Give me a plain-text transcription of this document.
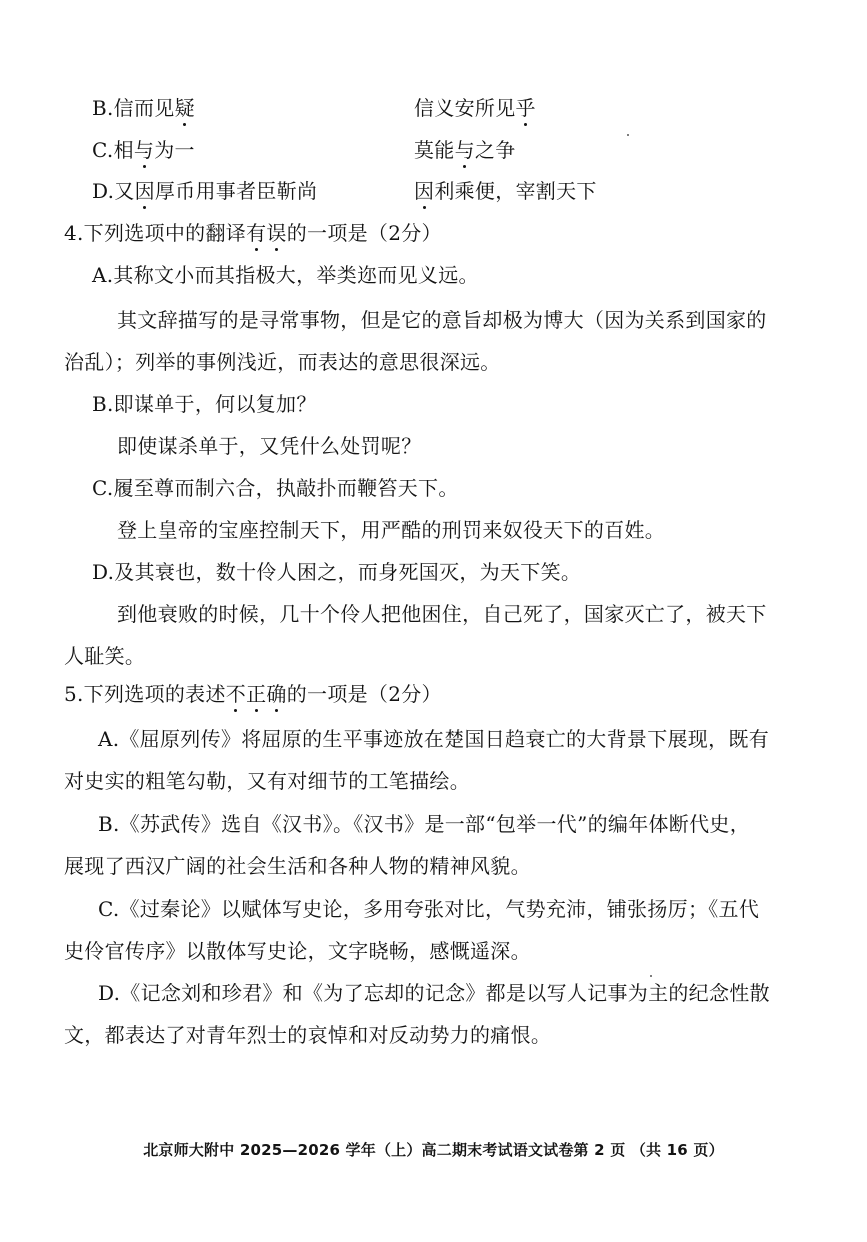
B.信而见疑	信义安所见乎
C.相与为一	莫能与之争
D.又因厚币用事者臣靳尚	因利乘便，宰割天下
4.下列选项中的翻译有误的一项是（2分）
A.其称文小而其指极大，举类迩而见义远。
其文辞描写的是寻常事物，但是它的意旨却极为博大（因为关系到国家的
治乱）；列举的事例浅近，而表达的意思很深远。
B.即谋单于，何以复加？
即使谋杀单于，又凭什么处罚呢？
C.履至尊而制六合，执敲扑而鞭笞天下。
登上皇帝的宝座控制天下，用严酷的刑罚来奴役天下的百姓。
D.及其衰也，数十伶人困之，而身死国灭，为天下笑。
到他衰败的时候，几十个伶人把他困住，自己死了，国家灭亡了，被天下
人耻笑。
5.下列选项的表述不正确的一项是（2分）
A.《屈原列传》将屈原的生平事迹放在楚国日趋衰亡的大背景下展现，既有
对史实的粗笔勾勒，又有对细节的工笔描绘。
B.《苏武传》选自《汉书》。《汉书》是一部“包举一代”的编年体断代史，
展现了西汉广阔的社会生活和各种人物的精神风貌。
C.《过秦论》以赋体写史论，多用夸张对比，气势充沛，铺张扬厉；《五代
史伶官传序》以散体写史论，文字晓畅，感慨遥深。
D.《记念刘和珍君》和《为了忘却的记念》都是以写人记事为主的纪念性散
文，都表达了对青年烈士的哀悼和对反动势力的痛恨。
北京师大附中 2025—2026 学年（上）高二期末考试语文试卷第 2 页 （共 16 页）
